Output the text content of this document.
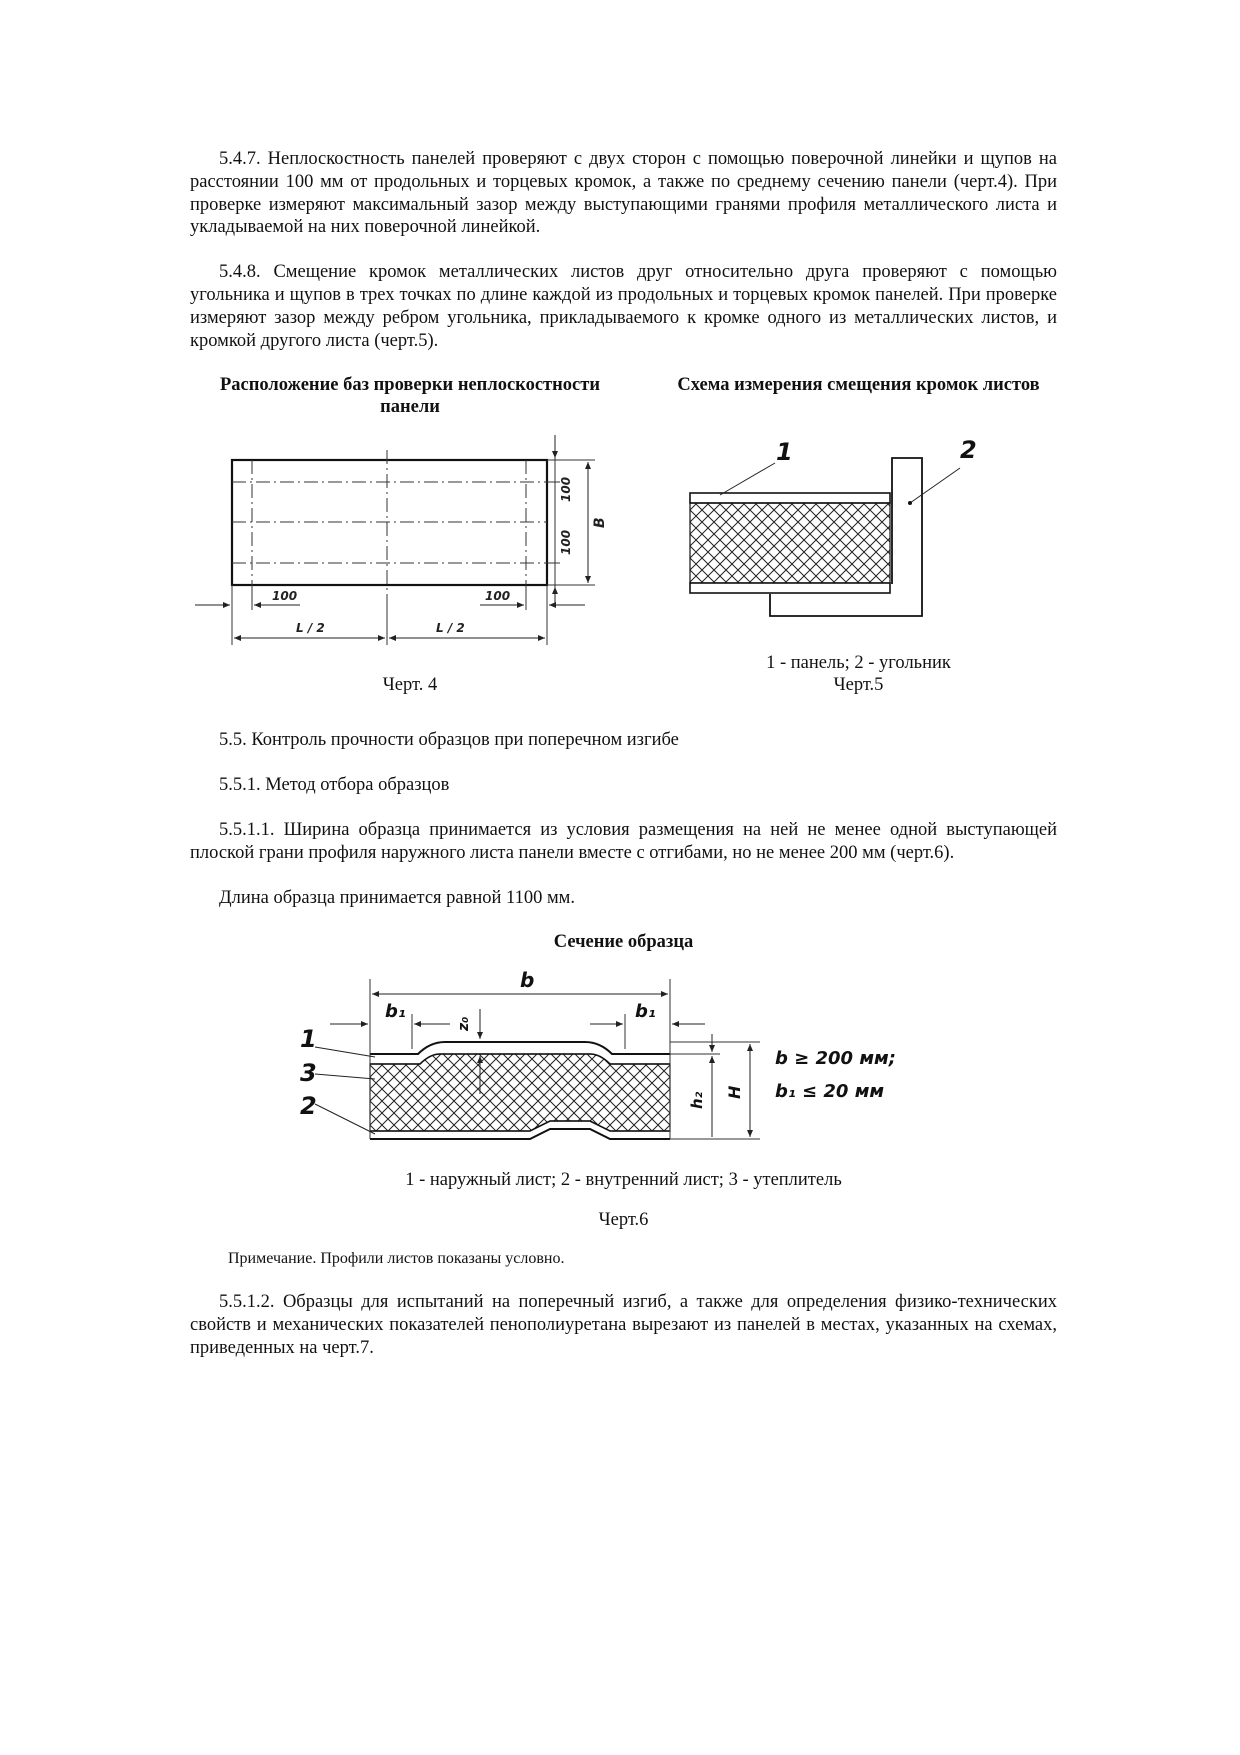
5.4.7. Неплоскостность панелей проверяют с двух сторон с помощью поверочной линейки и щупов на расстоянии 100 мм от продольных и торцевых кромок, а также по среднему сечению панели (черт.4). При проверке измеряют максимальный зазор между выступающими гранями профиля металлического листа и укладываемой на них поверочной линейкой.

5.4.8. Смещение кромок металлических листов друг относительно друга проверяют с помощью угольника и щупов в трех точках по длине каждой из продольных и торцевых кромок панелей. При проверке измеряют зазор между ребром угольника, прикладываемого к кромке одного из металлических листов, и кромкой другого листа (черт.5).

Расположение баз проверки неплоскостности панели

100
100
B
100	100
L / 2	L / 2

Черт. 4

Схема измерения смещения кромок листов

1	2

1 - панель; 2 - угольник

Черт.5

5.5. Контроль прочности образцов при поперечном изгибе

5.5.1. Метод отбора образцов

5.5.1.1. Ширина образца принимается из условия размещения на ней не менее одной выступающей плоской грани профиля наружного листа панели вместе с отгибами, но не менее 200 мм (черт.6).

Длина образца принимается равной 1100 мм.

Сечение образца

b
b₁	b₁
z₀
h₂ H
b ≥ 200 мм;
b₁ ≤ 20 мм
1
3
2

1 - наружный лист; 2 - внутренний лист; 3 - утеплитель

Черт.6

Примечание. Профили листов показаны условно.

5.5.1.2. Образцы для испытаний на поперечный изгиб, а также для определения физико-технических свойств и механических показателей пенополиуретана вырезают из панелей в местах, указанных на схемах, приведенных на черт.7.
